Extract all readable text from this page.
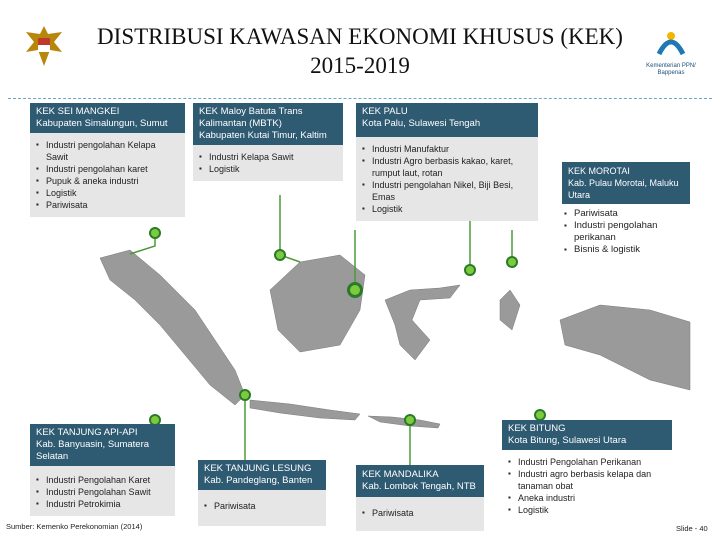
DISTRIBUSI KAWASAN EKONOMI KHUSUS (KEK)
2015-2019	Kementerian PPN/
Bappenas
KEK SEI MANGKEI
Kabupaten Simalungun, Sumut
▪ Industri pengolahan Kelapa Sawit
▪ Industri pengolahan karet
▪ Pupuk & aneka industri
▪ Logistik
▪ Pariwisata
KEK Maloy Batuta Trans Kalimantan (MBTK)
Kabupaten Kutai Timur, Kaltim
▪ Industri Kelapa Sawit
▪ Logistik
KEK PALU
Kota Palu, Sulawesi Tengah
▪ Industri Manufaktur
▪ Industri Agro berbasis kakao, karet, rumput laut, rotan
▪ Industri pengolahan Nikel, Biji Besi, Emas
▪ Logistik
KEK MOROTAI
Kab. Pulau Morotai, Maluku Utara
▪ Pariwisata
▪ Industri pengolahan perikanan
▪ Bisnis & logistik
KEK TANJUNG API-API
Kab. Banyuasin, Sumatera Selatan
▪ Industri Pengolahan Karet
▪ Industri Pengolahan Sawit
▪ Industri Petrokimia
KEK TANJUNG LESUNG
Kab. Pandeglang, Banten
▪ Pariwisata
KEK MANDALIKA
Kab. Lombok Tengah, NTB
▪ Pariwisata
KEK BITUNG
Kota Bitung, Sulawesi Utara
▪ Industri Pengolahan Perikanan
▪ Industri agro berbasis kelapa dan tanaman obat
▪ Aneka industri
▪ Logistik
Sumber: Kemenko Perekonomian (2014)	Slide - 40
